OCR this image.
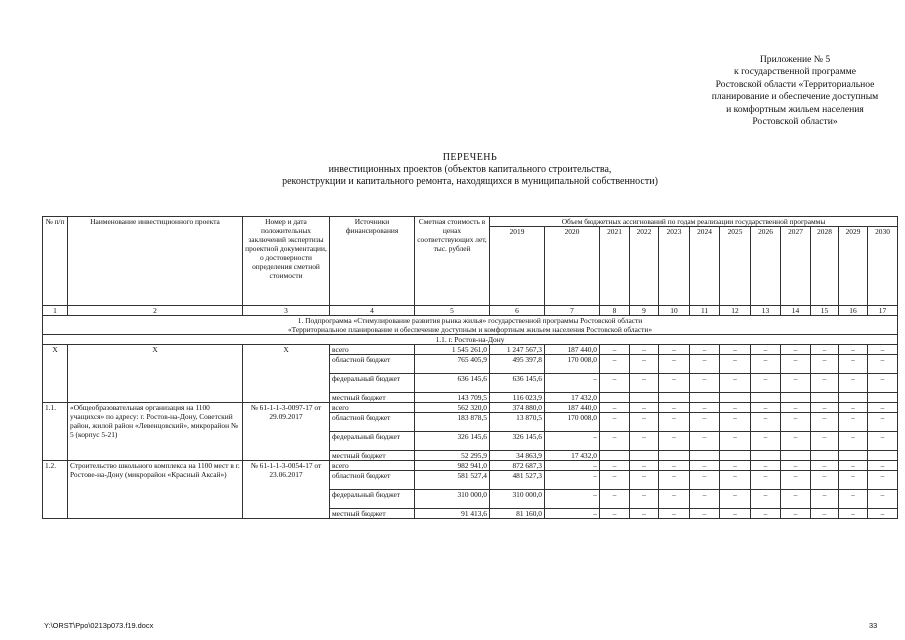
Приложение № 5
к государственной программе
Ростовской области «Территориальное
планирование и обеспечение доступным
и комфортным жильем населения
Ростовской области»
ПЕРЕЧЕНЬ
инвестиционных проектов (объектов капитального строительства,
реконструкции и капитального ремонта, находящихся в муниципальной собственности)
№ п/п	Наименование инвестиционного проекта	Номер и дата положительных заключений экспертизы проектной документации, о достоверности определения сметной стоимости	Источники финансирования	Сметная стоимость в ценах соответствующих лет, тыс. рублей	Объем бюджетных ассигнований по годам реализации государственной программы											
					2019	2020	2021	2022	2023	2024	2025	2026	2027	2028	2029	2030
1	2	3	4	5	6	7	8	9	10	11	12	13	14	15	16	17

1. Подпрограмма «Стимулирование развития рынка жилья» государственной программы Ростовской области
«Территориальное планирование и обеспечение доступным и комфортным жильем населения Ростовской области»																

1.1. г. Ростов-на-Дону																
Х	Х	Х	всего	1 545 261,0	1 247 567,3	187 440,0	–	–	–	–	–	–	–	–	–	–
			областной бюджет	765 405,9	495 397,8	170 008,0	–	–	–	–	–	–	–	–	–	–
			федеральный бюджет	636 145,6	636 145,6	–	–	–	–	–	–	–	–	–	–	–
			местный бюджет	143 709,5	116 023,9	17 432,0										
1.1.	«Общеобразовательная организация на 1100 учащихся» по адресу: г. Ростов-на-Дону, Советский район, жилой район «Левенцовский», микрорайон № 5 (корпус 5-21)	№ 61-1-1-3-0097-17 от 29.09.2017	всего	562 320,0	374 880,0	187 440,0	–	–	–	–	–	–	–	–	–	–
			областной бюджет	183 878,5	13 870,5	170 008,0	–	–	–	–	–	–	–	–	–	–
			федеральный бюджет	326 145,6	326 145,6	–	–	–	–	–	–	–	–	–	–	–
			местный бюджет	52 295,9	34 863,9	17 432,0										
1.2.	Строительство школьного комплекса на 1100 мест в г. Ростове-на-Дону (микрорайон «Красный Аксай»)	№ 61-1-1-3-0054-17 от 23.06.2017	всего	982 941,0	872 687,3	–	–	–	–	–	–	–	–	–	–	–
			областной бюджет	581 527,4	481 527,3	–	–	–	–	–	–	–	–	–	–	–
			федеральный бюджет	310 000,0	310 000,0	–	–	–	–	–	–	–	–	–	–	–
			местный бюджет	91 413,6	81 160,0	–	–	–	–	–	–	–	–	–	–	–
Y:\ORST\Ppo\0213p073.f19.docx	33
